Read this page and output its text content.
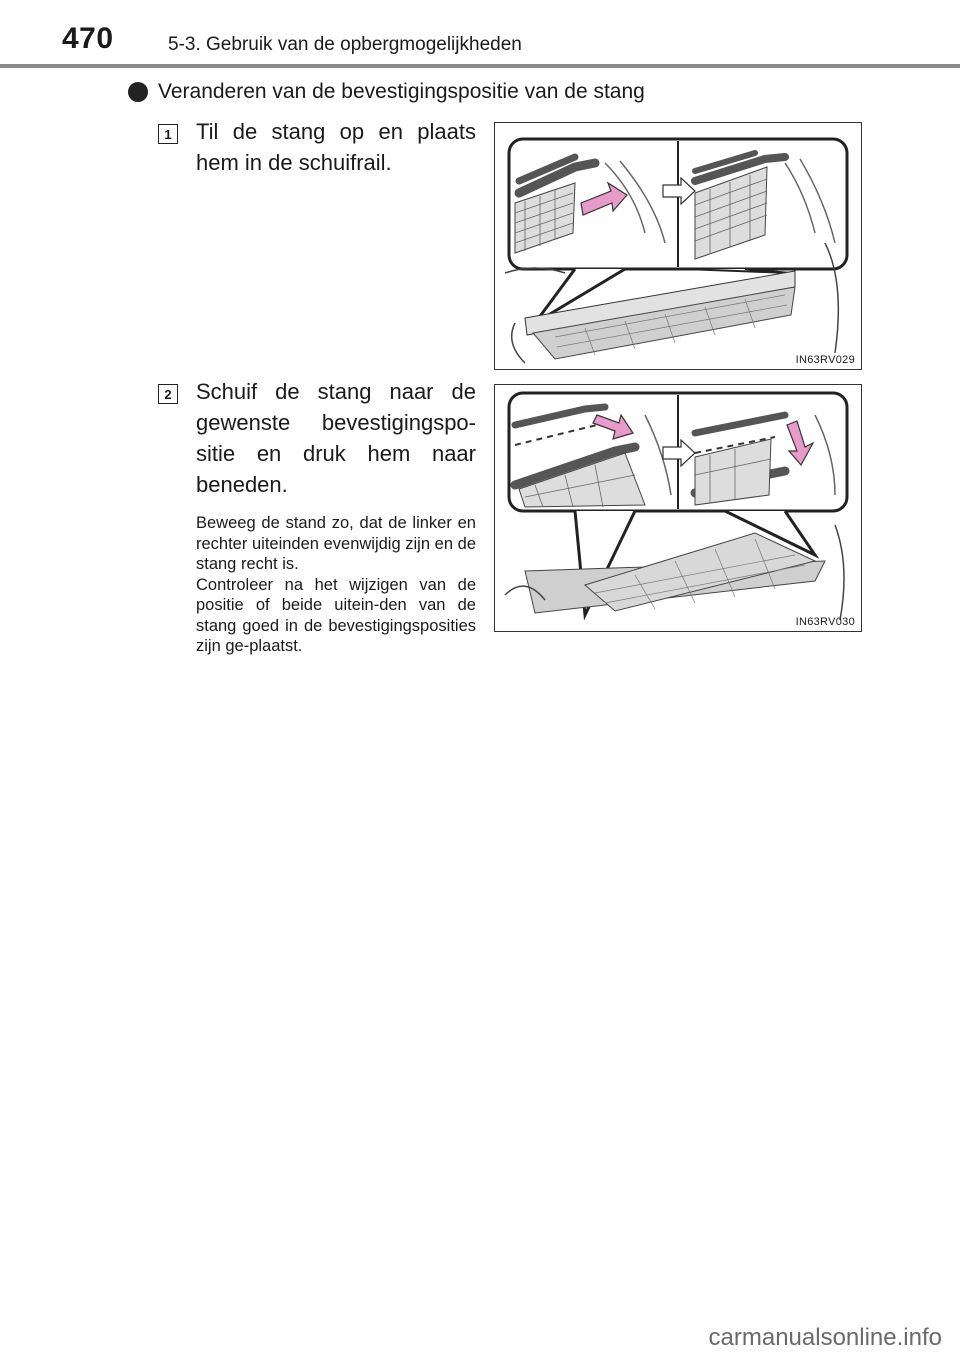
470	5-3. Gebruik van de opbergmogelijkheden
Veranderen van de bevestigingspositie van de stang
1 Til de stang op en plaats hem in de schuifrail.
IN63RV029
2 Schuif de stang naar de gewenste bevestigingspo-sitie en druk hem naar beneden.
Beweeg de stand zo, dat de linker en rechter uiteinden evenwijdig zijn en de stang recht is.
Controleer na het wijzigen van de positie of beide uitein-den van de stang goed in de bevestigingsposities zijn ge-plaatst.
IN63RV030
carmanualsonline.info
